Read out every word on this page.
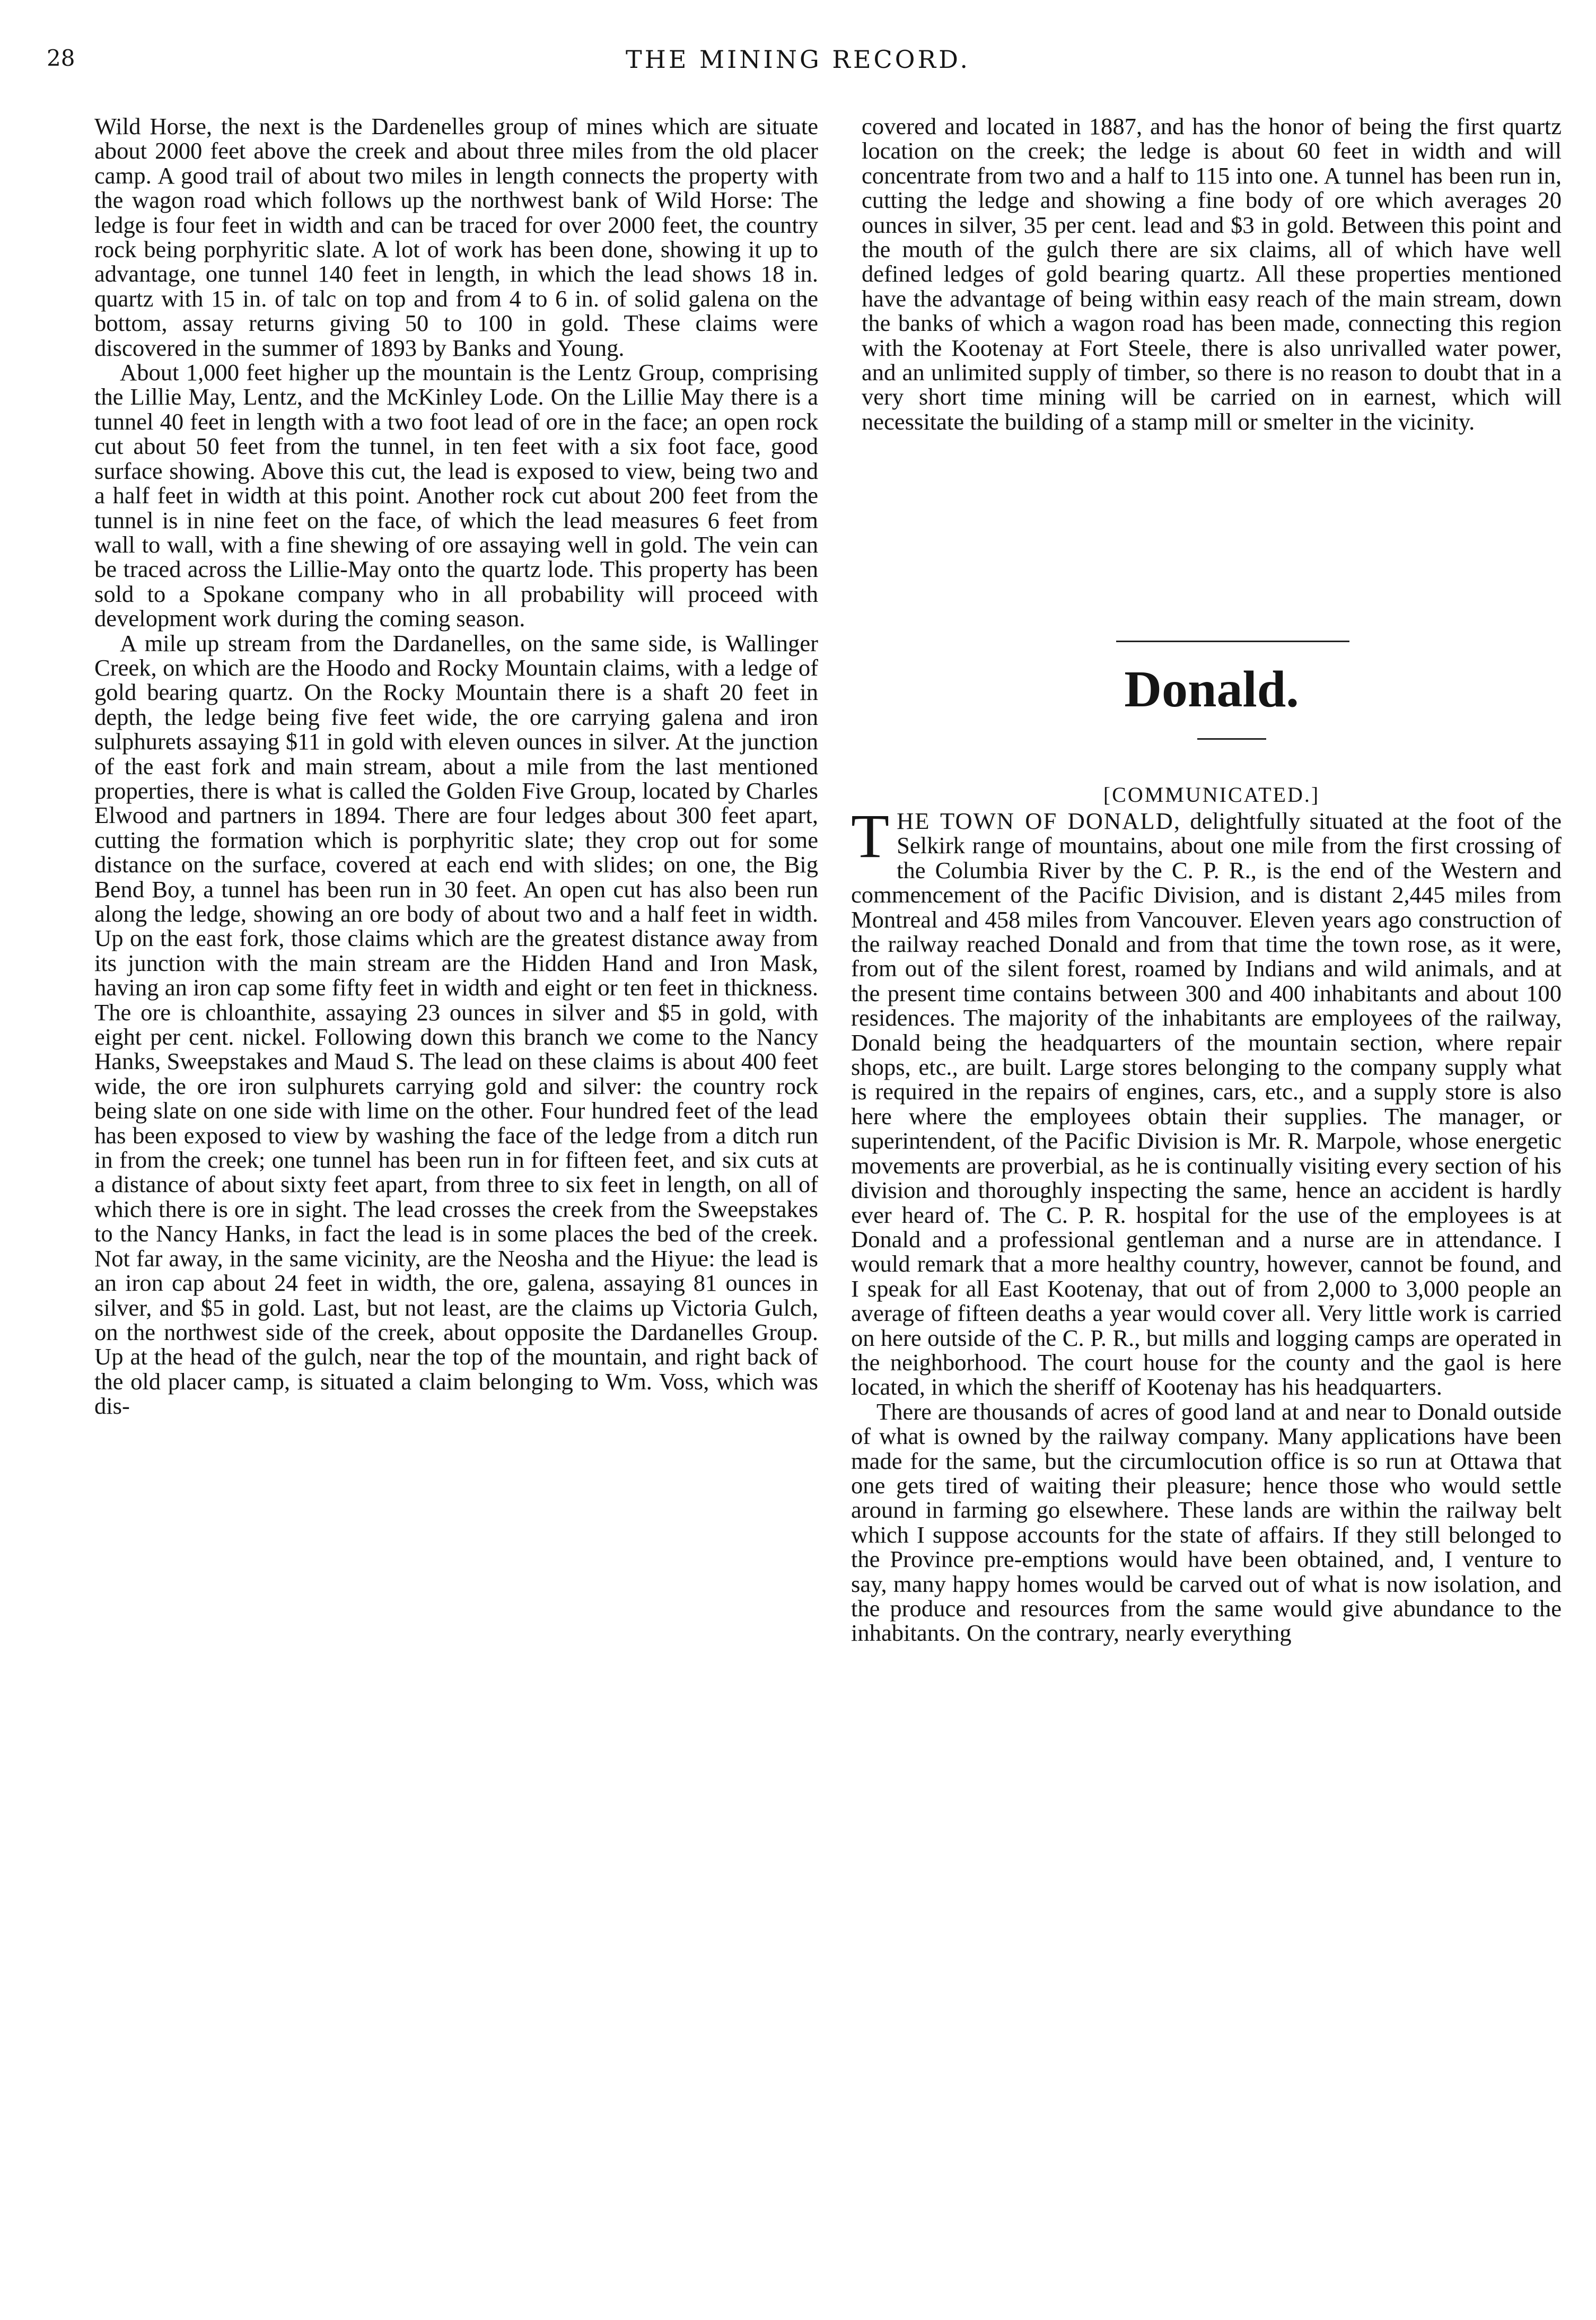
THE MINING RECORD.
28

Wild Horse, the next is the Dardenelles group of mines which are situate about 2000 feet above the creek and about three miles from the old placer camp. A good trail of about two miles in length connects the property with the wagon road which follows up the northwest bank of Wild Horse: The ledge is four feet in width and can be traced for over 2000 feet, the country rock being porphyritic slate. A lot of work has been done, showing it up to advantage, one tunnel 140 feet in length, in which the lead shows 18 in. quartz with 15 in. of talc on top and from 4 to 6 in. of solid galena on the bottom, assay returns giving 50 to 100 in gold. These claims were discovered in the summer of 1893 by Banks and Young.

About 1,000 feet higher up the mountain is the Lentz Group, comprising the Lillie May, Lentz, and the McKinley Lode. On the Lillie May there is a tunnel 40 feet in length with a two foot lead of ore in the face; an open rock cut about 50 feet from the tunnel, in ten feet with a six foot face, good surface showing. Above this cut, the lead is exposed to view, being two and a half feet in width at this point. Another rock cut about 200 feet from the tunnel is in nine feet on the face, of which the lead measures 6 feet from wall to wall, with a fine shewing of ore assaying well in gold. The vein can be traced across the Lillie-May onto the quartz lode. This property has been sold to a Spokane company who in all probability will proceed with development work during the coming season.

A mile up stream from the Dardanelles, on the same side, is Wallinger Creek, on which are the Hoodo and Rocky Mountain claims, with a ledge of gold bearing quartz. On the Rocky Mountain there is a shaft 20 feet in depth, the ledge being five feet wide, the ore carrying galena and iron sulphurets assaying $11 in gold with eleven ounces in silver. At the junction of the east fork and main stream, about a mile from the last mentioned properties, there is what is called the Golden Five Group, located by Charles Elwood and partners in 1894. There are four ledges about 300 feet apart, cutting the formation which is porphyritic slate; they crop out for some distance on the surface, covered at each end with slides; on one, the Big Bend Boy, a tunnel has been run in 30 feet. An open cut has also been run along the ledge, showing an ore body of about two and a half feet in width. Up on the east fork, those claims which are the greatest distance away from its junction with the main stream are the Hidden Hand and Iron Mask, having an iron cap some fifty feet in width and eight or ten feet in thickness. The ore is chloanthite, assaying 23 ounces in silver and $5 in gold, with eight per cent. nickel. Following down this branch we come to the Nancy Hanks, Sweepstakes and Maud S. The lead on these claims is about 400 feet wide, the ore iron sulphurets carrying gold and silver: the country rock being slate on one side with lime on the other. Four hundred feet of the lead has been exposed to view by washing the face of the ledge from a ditch run in from the creek; one tunnel has been run in for fifteen feet, and six cuts at a distance of about sixty feet apart, from three to six feet in length, on all of which there is ore in sight. The lead crosses the creek from the Sweepstakes to the Nancy Hanks, in fact the lead is in some places the bed of the creek. Not far away, in the same vicinity, are the Neosha and the Hiyue: the lead is an iron cap about 24 feet in width, the ore, galena, assaying 81 ounces in silver, and $5 in gold. Last, but not least, are the claims up Victoria Gulch, on the northwest side of the creek, about opposite the Dardanelles Group. Up at the head of the gulch, near the top of the mountain, and right back of the old placer camp, is situated a claim belonging to Wm. Voss, which was dis-

covered and located in 1887, and has the honor of being the first quartz location on the creek; the ledge is about 60 feet in width and will concentrate from two and a half to 115 into one. A tunnel has been run in, cutting the ledge and showing a fine body of ore which averages 20 ounces in silver, 35 per cent. lead and $3 in gold. Between this point and the mouth of the gulch there are six claims, all of which have well defined ledges of gold bearing quartz. All these properties mentioned have the advantage of being within easy reach of the main stream, down the banks of which a wagon road has been made, connecting this region with the Kootenay at Fort Steele, there is also unrivalled water power, and an unlimited supply of timber, so there is no reason to doubt that in a very short time mining will be carried on in earnest, which will necessitate the building of a stamp mill or smelter in the vicinity.

Donald.
[COMMUNICATED.]

THE TOWN OF DONALD, delightfully situated at the foot of the Selkirk range of mountains, about one mile from the first crossing of the Columbia River by the C. P. R., is the end of the Western and commencement of the Pacific Division, and is distant 2,445 miles from Montreal and 458 miles from Vancouver. Eleven years ago construction of the railway reached Donald and from that time the town rose, as it were, from out of the silent forest, roamed by Indians and wild animals, and at the present time contains between 300 and 400 inhabitants and about 100 residences. The majority of the inhabitants are employees of the railway, Donald being the headquarters of the mountain section, where repair shops, etc., are built. Large stores belonging to the company supply what is required in the repairs of engines, cars, etc., and a supply store is also here where the employees obtain their supplies. The manager, or superintendent, of the Pacific Division is Mr. R. Marpole, whose energetic movements are proverbial, as he is continually visiting every section of his division and thoroughly inspecting the same, hence an accident is hardly ever heard of. The C. P. R. hospital for the use of the employees is at Donald and a professional gentleman and a nurse are in attendance. I would remark that a more healthy country, however, cannot be found, and I speak for all East Kootenay, that out of from 2,000 to 3,000 people an average of fifteen deaths a year would cover all. Very little work is carried on here outside of the C. P. R., but mills and logging camps are operated in the neighborhood. The court house for the county and the gaol is here located, in which the sheriff of Kootenay has his headquarters.

There are thousands of acres of good land at and near to Donald outside of what is owned by the railway company. Many applications have been made for the same, but the circumlocution office is so run at Ottawa that one gets tired of waiting their pleasure; hence those who would settle around in farming go elsewhere. These lands are within the railway belt which I suppose accounts for the state of affairs. If they still belonged to the Province pre-emptions would have been obtained, and, I venture to say, many happy homes would be carved out of what is now isolation, and the produce and resources from the same would give abundance to the inhabitants. On the contrary, nearly everything
